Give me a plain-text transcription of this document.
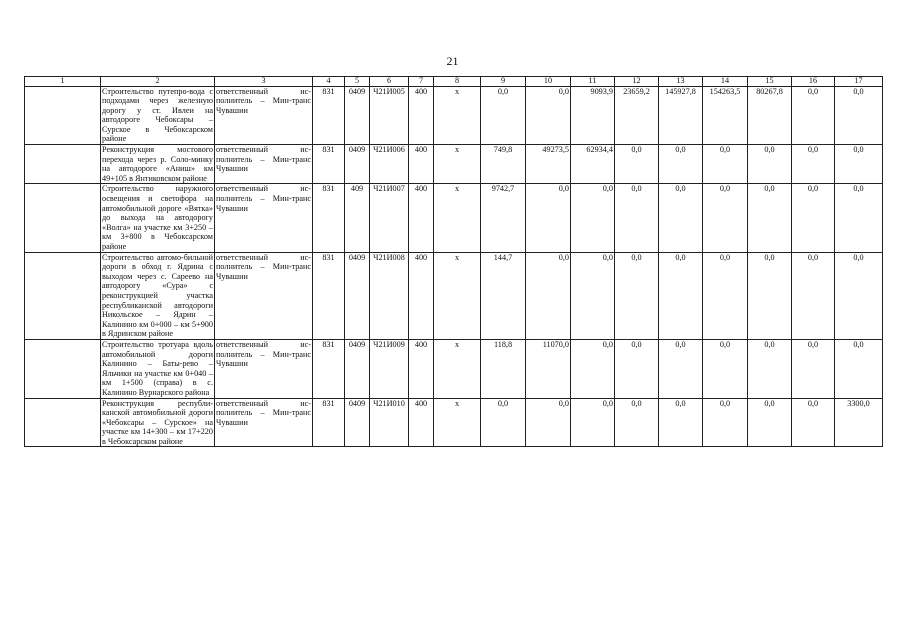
21
1	2	3	4	5	6	7	8	9	10	11	12	13	14	15	16	17
	Строительство путепро-вода с подходами через железную дорогу у ст. Ивлеи на автодороге Чебоксары – Сурское в Чебоксарском районе	ответственный ис-полнитель – Мин-транс Чувашии	831	0409	Ч21И005	400	x	0,0	0,0	9093,9	23659,2	145927,8	154263,5	80267,8	0,0	0,0
	Реконструкция мостового перехода через р. Соло-минку на автодороге «Аниш» км 49+105 в Янтиковском районе	ответственный ис-полнитель – Мин-транс Чувашии	831	0409	Ч21И006	400	x	749,8	49273,5	62934,4	0,0	0,0	0,0	0,0	0,0	0,0
	Строительство наружного освещения и светофора на автомобильной дороге «Вятка» до выхода на автодорогу «Волга» на участке км 3+250 – км 3+800 в Чебоксарском районе	ответственный ис-полнитель – Мин-транс Чувашии	831	409	Ч21И007	400	x	9742,7	0,0	0,0	0,0	0,0	0,0	0,0	0,0	0,0
	Строительство автомо-бильной дороги в обход г. Ядрина с выходом через с. Сареево на автодорогу «Сура» с реконструкцией участка республиканской автодороги Никольское – Ядрин – Калинино км 0+000 – км 5+900 в Ядринском районе	ответственный ис-полнитель – Мин-транс Чувашии	831	0409	Ч21И008	400	x	144,7	0,0	0,0	0,0	0,0	0,0	0,0	0,0	0,0
	Строительство тротуара вдоль автомобильной дороги Калинино – Баты-рево – Яльчики на участке км 0+040 – км 1+500 (справа) в с. Калинино Вурнарского района	ответственный ис-полнитель – Мин-транс Чувашии	831	0409	Ч21И009	400	x	118,8	11070,0	0,0	0,0	0,0	0,0	0,0	0,0	0,0
	Реконструкция республи-канской автомобильной дороги «Чебоксары – Сурское» на участке км 14+300 – км 17+220 в Чебоксарском районе	ответственный ис-полнитель – Мин-транс Чувашии	831	0409	Ч21И010	400	x	0,0	0,0	0,0	0,0	0,0	0,0	0,0	0,0	3300,0
